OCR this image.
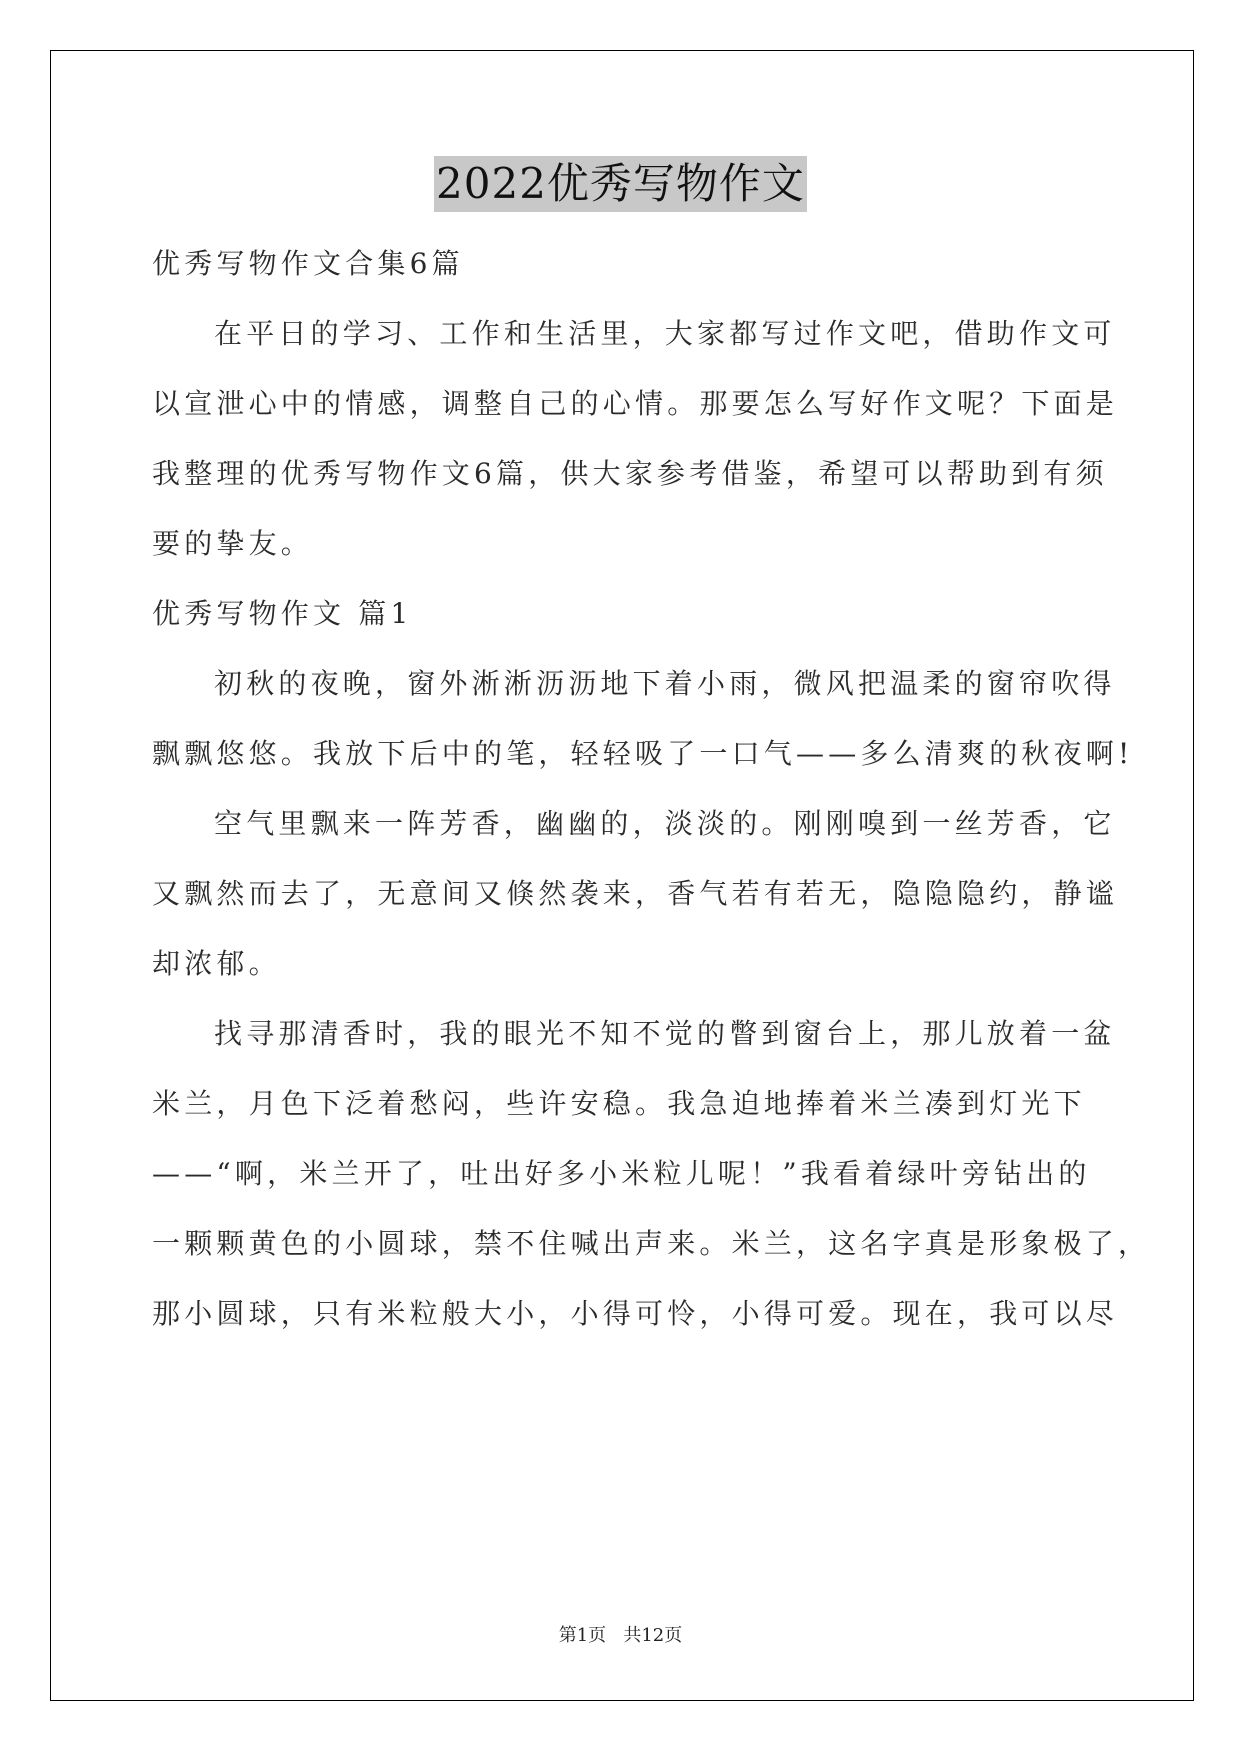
2022优秀写物作文
优秀写物作文合集6篇
在平日的学习、工作和生活里，大家都写过作文吧，借助作文可
以宣泄心中的情感，调整自己的心情。那要怎么写好作文呢？下面是
我整理的优秀写物作文6篇，供大家参考借鉴，希望可以帮助到有须
要的挚友。
优秀写物作文 篇1
初秋的夜晚，窗外淅淅沥沥地下着小雨，微风把温柔的窗帘吹得
飘飘悠悠。我放下后中的笔，轻轻吸了一口气——多么清爽的秋夜啊!
空气里飘来一阵芳香，幽幽的，淡淡的。刚刚嗅到一丝芳香，它
又飘然而去了，无意间又倏然袭来，香气若有若无，隐隐隐约，静谧
却浓郁。
找寻那清香时，我的眼光不知不觉的瞥到窗台上，那儿放着一盆
米兰，月色下泛着愁闷，些许安稳。我急迫地捧着米兰凑到灯光下
——“啊，米兰开了，吐出好多小米粒儿呢！”我看着绿叶旁钻出的
一颗颗黄色的小圆球，禁不住喊出声来。米兰，这名字真是形象极了，
那小圆球，只有米粒般大小，小得可怜，小得可爱。现在，我可以尽
第1页 共12页
